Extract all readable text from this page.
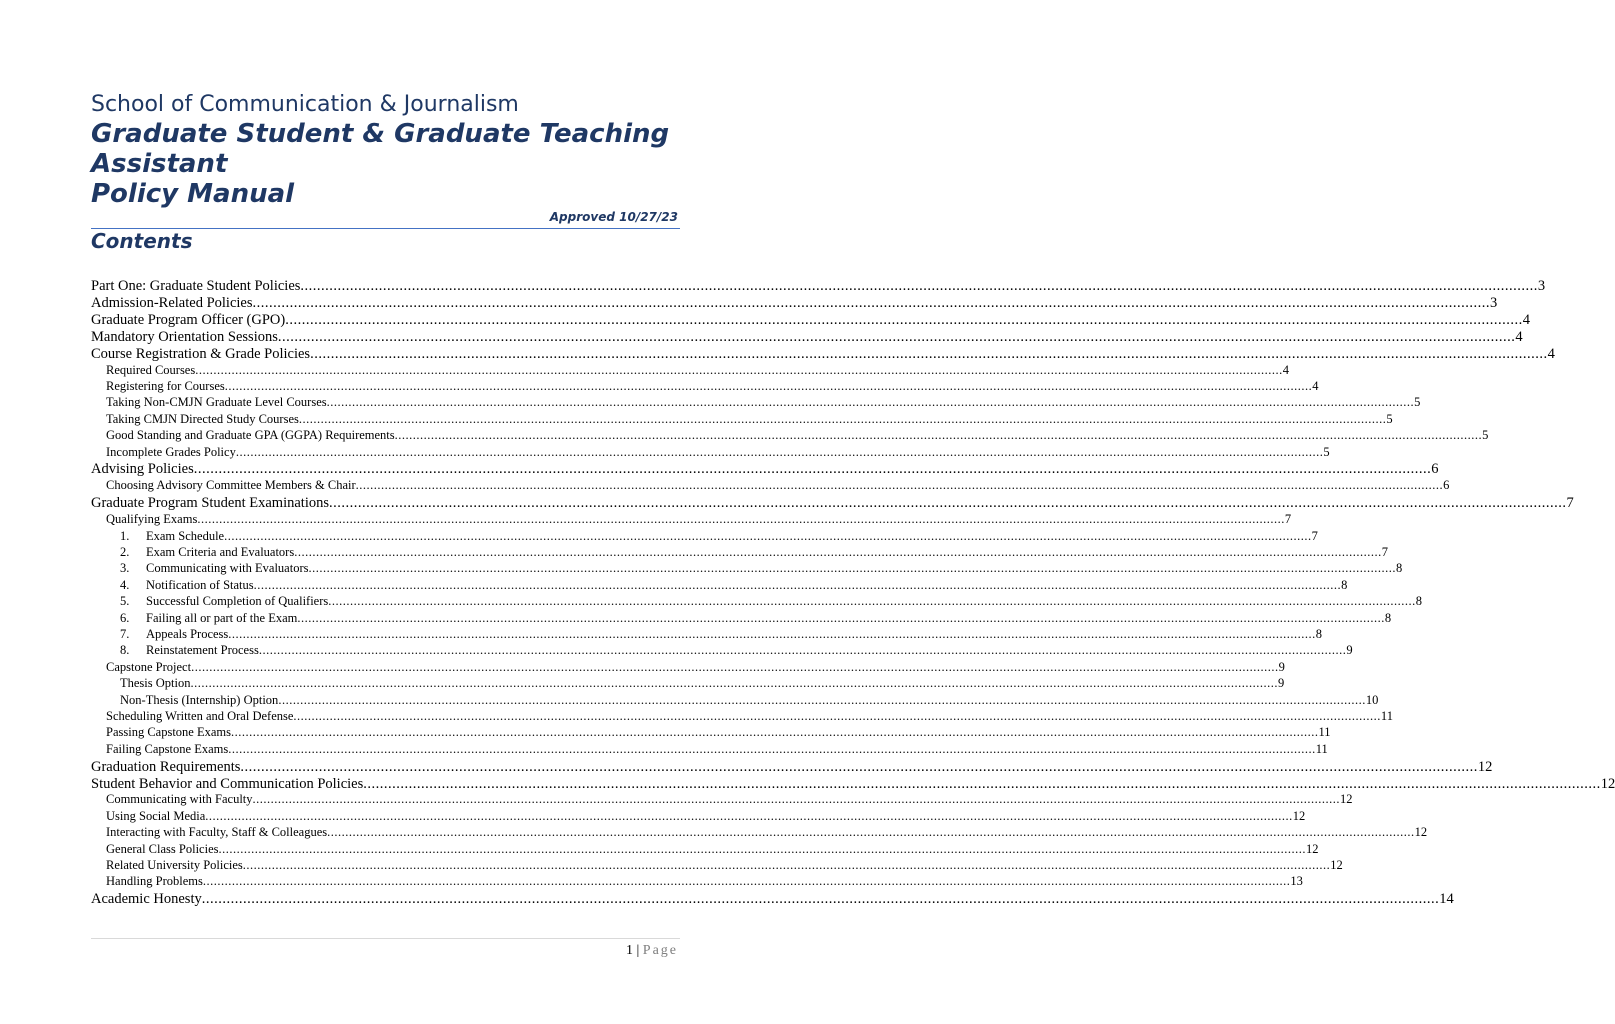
School of Communication & Journalism
Graduate Student & Graduate Teaching
Assistant
Policy Manual
Approved 10/27/23
Contents
Part One: Graduate Student Policies ............................................................................................................................................................................................................................................................................................................ 3
Admission-Related Policies ............................................................................................................................................................................................................................................................................................................ 3
Graduate Program Officer (GPO) ............................................................................................................................................................................................................................................................................................................ 4
Mandatory Orientation Sessions ............................................................................................................................................................................................................................................................................................................ 4
Course Registration & Grade Policies ............................................................................................................................................................................................................................................................................................................ 4
Required Courses ............................................................................................................................................................................................................................................................................................................ 4
Registering for Courses ............................................................................................................................................................................................................................................................................................................ 4
Taking Non-CMJN Graduate Level Courses ............................................................................................................................................................................................................................................................................................................ 5
Taking CMJN Directed Study Courses ............................................................................................................................................................................................................................................................................................................ 5
Good Standing and Graduate GPA (GGPA) Requirements ............................................................................................................................................................................................................................................................................................................ 5
Incomplete Grades Policy ............................................................................................................................................................................................................................................................................................................ 5
Advising Policies ............................................................................................................................................................................................................................................................................................................ 6
Choosing Advisory Committee Members & Chair ............................................................................................................................................................................................................................................................................................................ 6
Graduate Program Student Examinations ............................................................................................................................................................................................................................................................................................................ 7
Qualifying Exams ............................................................................................................................................................................................................................................................................................................ 7
1. Exam Schedule ............................................................................................................................................................................................................................................................................................................ 7
2. Exam Criteria and Evaluators ............................................................................................................................................................................................................................................................................................................ 7
3. Communicating with Evaluators ............................................................................................................................................................................................................................................................................................................ 8
4. Notification of Status ............................................................................................................................................................................................................................................................................................................ 8
5. Successful Completion of Qualifiers ............................................................................................................................................................................................................................................................................................................ 8
6. Failing all or part of the Exam ............................................................................................................................................................................................................................................................................................................ 8
7. Appeals Process ............................................................................................................................................................................................................................................................................................................ 8
8. Reinstatement Process ............................................................................................................................................................................................................................................................................................................ 9
Capstone Project ............................................................................................................................................................................................................................................................................................................ 9
Thesis Option ............................................................................................................................................................................................................................................................................................................ 9
Non-Thesis (Internship) Option ............................................................................................................................................................................................................................................................................................................ 10
Scheduling Written and Oral Defense ............................................................................................................................................................................................................................................................................................................ 11
Passing Capstone Exams ............................................................................................................................................................................................................................................................................................................ 11
Failing Capstone Exams ............................................................................................................................................................................................................................................................................................................ 11
Graduation Requirements ............................................................................................................................................................................................................................................................................................................ 12
Student Behavior and Communication Policies ............................................................................................................................................................................................................................................................................................................ 12
Communicating with Faculty ............................................................................................................................................................................................................................................................................................................ 12
Using Social Media ............................................................................................................................................................................................................................................................................................................ 12
Interacting with Faculty, Staff & Colleagues ............................................................................................................................................................................................................................................................................................................ 12
General Class Policies ............................................................................................................................................................................................................................................................................................................ 12
Related University Policies ............................................................................................................................................................................................................................................................................................................ 12
Handling Problems ............................................................................................................................................................................................................................................................................................................ 13
Academic Honesty ............................................................................................................................................................................................................................................................................................................ 14
1 | Page
